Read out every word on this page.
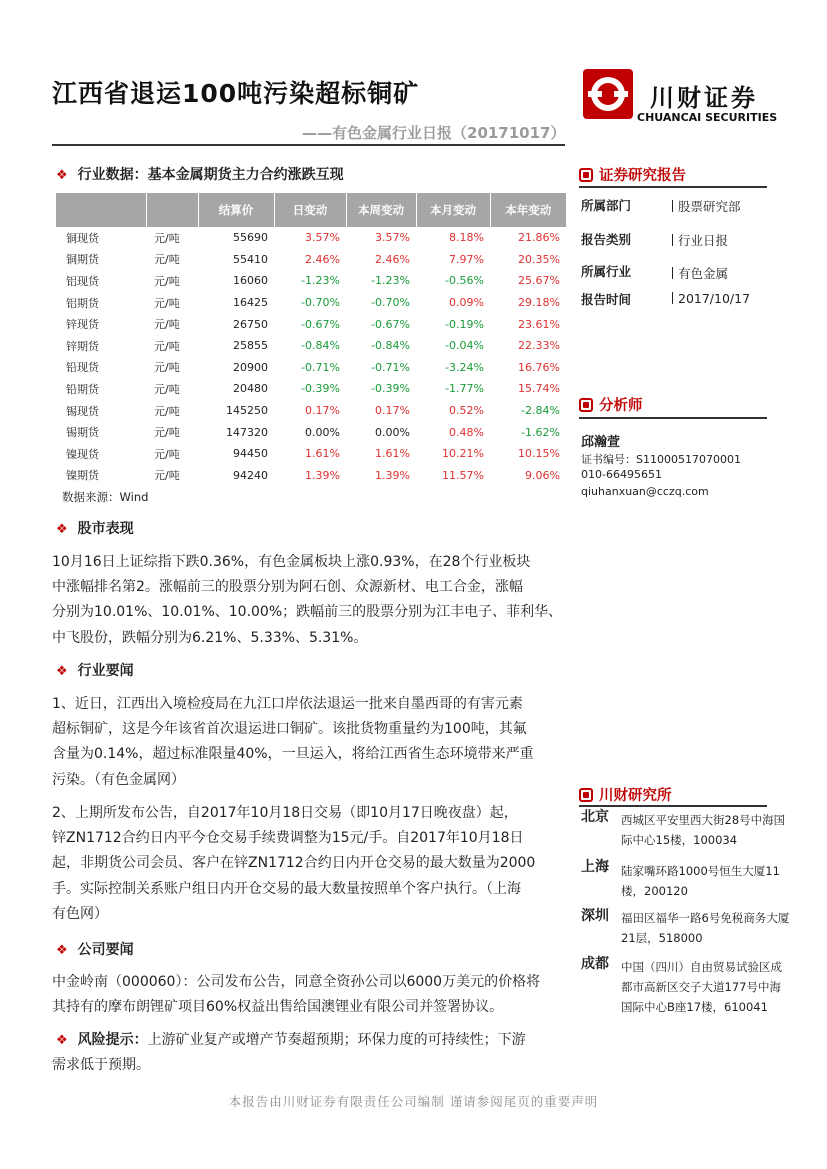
江西省退运100吨污染超标铜矿
——有色金属行业日报（20171017）
川财证券
CHUANCAI SECURITIES
❖ 行业数据：基本金属期货主力合约涨跌互现
		结算价	日变动	本周变动	本月变动	本年变动
铜现货	元/吨	55690	3.57%	3.57%	8.18%	21.86%
铜期货	元/吨	55410	2.46%	2.46%	7.97%	20.35%
铝现货	元/吨	16060	-1.23%	-1.23%	-0.56%	25.67%
铝期货	元/吨	16425	-0.70%	-0.70%	0.09%	29.18%
锌现货	元/吨	26750	-0.67%	-0.67%	-0.19%	23.61%
锌期货	元/吨	25855	-0.84%	-0.84%	-0.04%	22.33%
铅现货	元/吨	20900	-0.71%	-0.71%	-3.24%	16.76%
铅期货	元/吨	20480	-0.39%	-0.39%	-1.77%	15.74%
锡现货	元/吨	145250	0.17%	0.17%	0.52%	-2.84%
锡期货	元/吨	147320	0.00%	0.00%	0.48%	-1.62%
镍现货	元/吨	94450	1.61%	1.61%	10.21%	10.15%
镍期货	元/吨	94240	1.39%	1.39%	11.57%	9.06%
数据来源：Wind
❖ 股市表现
10月16日上证综指下跌0.36%，有色金属板块上涨0.93%，在28个行业板块
中涨幅排名第2。涨幅前三的股票分别为阿石创、众源新材、电工合金，涨幅
分别为10.01%、10.01%、10.00%；跌幅前三的股票分别为江丰电子、菲利华、
中飞股份，跌幅分别为6.21%、5.33%、5.31%。
❖ 行业要闻
1、近日，江西出入境检疫局在九江口岸依法退运一批来自墨西哥的有害元素
超标铜矿，这是今年该省首次退运进口铜矿。该批货物重量约为100吨，其氟
含量为0.14%，超过标准限量40%，一旦运入，将给江西省生态环境带来严重
污染。（有色金属网）
2、上期所发布公告，自2017年10月18日交易（即10月17日晚夜盘）起，
锌ZN1712合约日内平今仓交易手续费调整为15元/手。自2017年10月18日
起，非期货公司会员、客户在锌ZN1712合约日内开仓交易的最大数量为2000
手。实际控制关系账户组日内开仓交易的最大数量按照单个客户执行。（上海
有色网）
❖ 公司要闻
中金岭南（000060）：公司发布公告，同意全资孙公司以6000万美元的价格将
其持有的摩布朗锂矿项目60%权益出售给国澳锂业有限公司并签署协议。
❖ 风险提示：上游矿业复产或增产节奏超预期；环保力度的可持续性；下游
需求低于预期。
证券研究报告
所属部门	股票研究部
报告类别	行业日报
所属行业	有色金属
报告时间	2017/10/17
分析师
邱瀚萱
证书编号：S1100051707000​1
010-66495651
qiuhanxuan@cczq.com
川财研究所
北京 西城区平安里西大街28号中海国际中心15楼，100034
上海 陆家嘴环路1000号恒生大厦11楼，200120
深圳 福田区福华一路6号免税商务大厦21层，518000
成都 中国（四川）自由贸易试验区成都市高新区交子大道177号中海国际中心B座17楼，610041
本报告由川财证券有限责任公司编制 谨请参阅尾页的重要声明
